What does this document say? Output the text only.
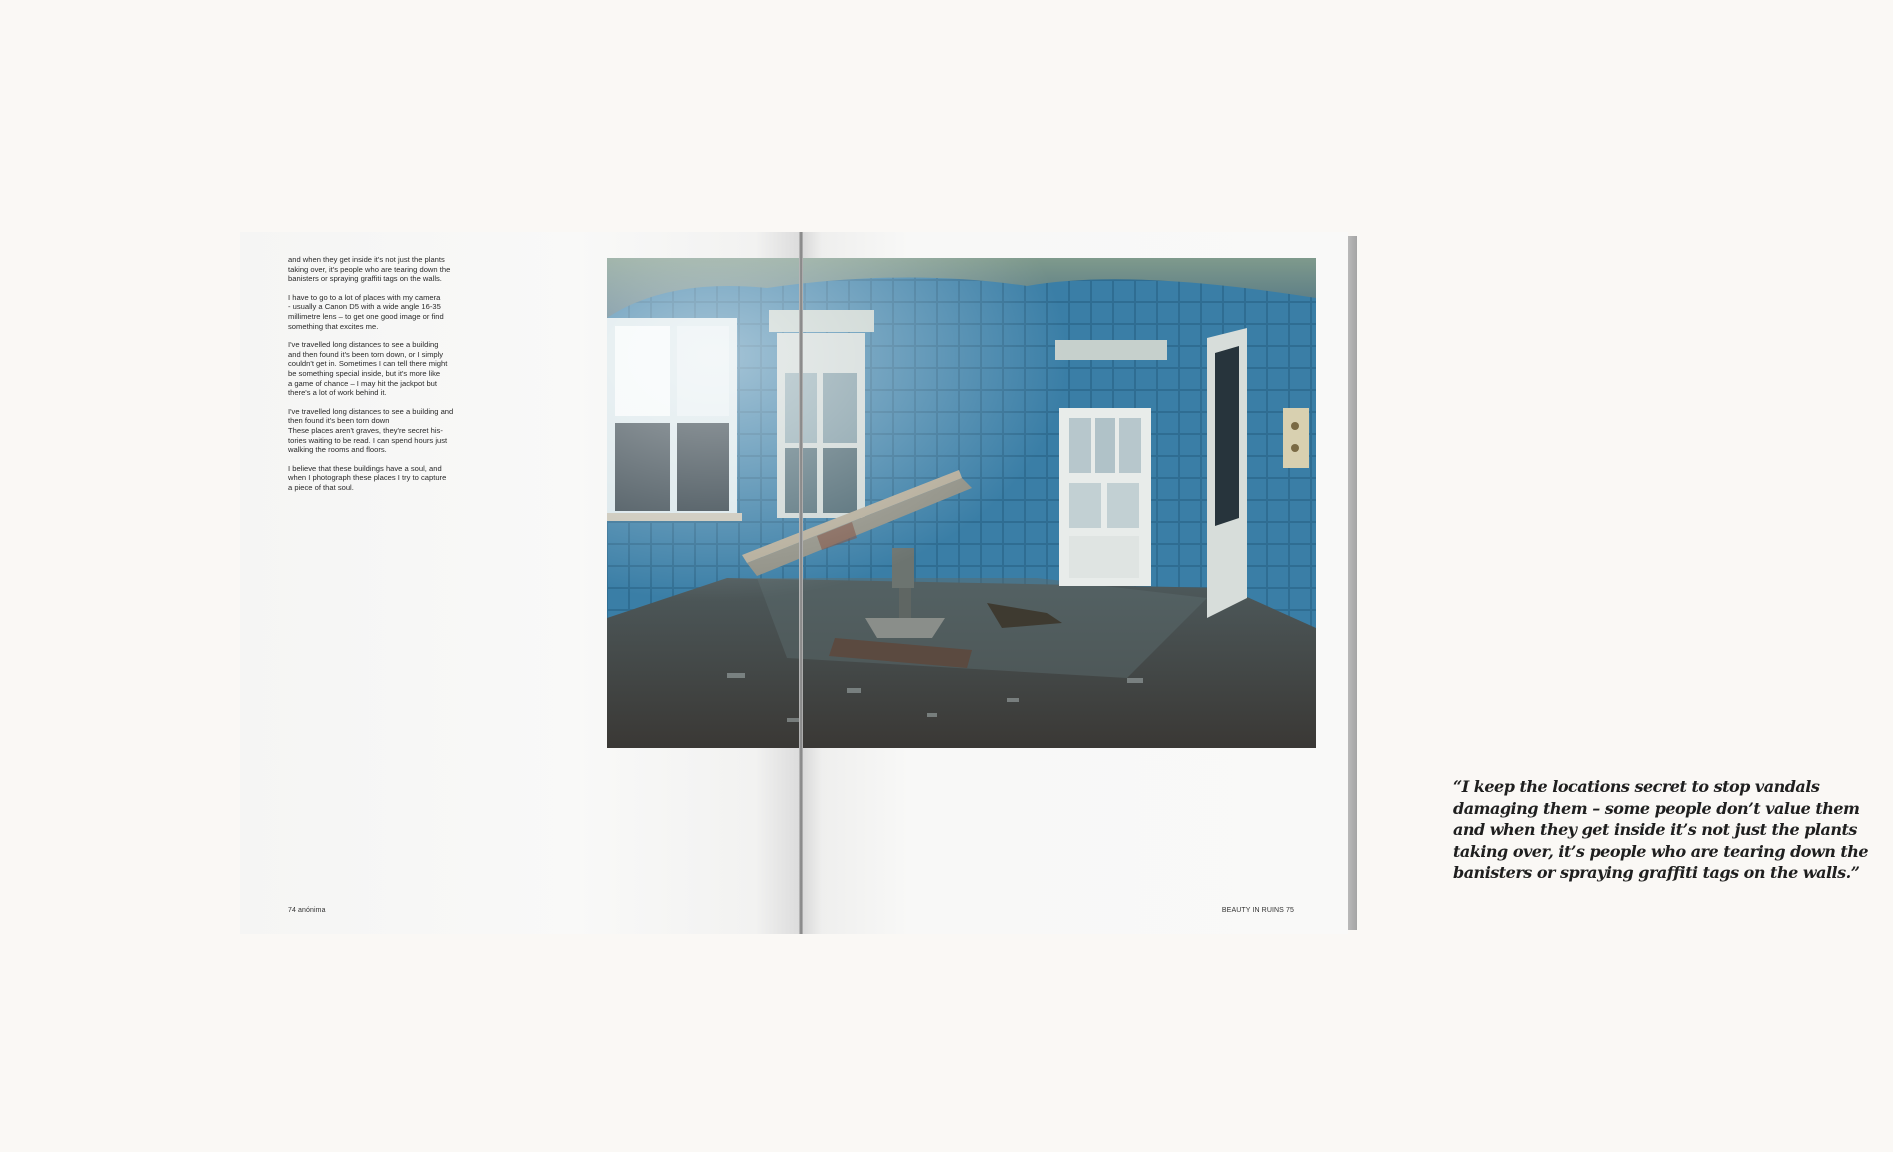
and when they get inside it's not just the plants
taking over, it's people who are tearing down the
banisters or spraying graffiti tags on the walls.

I have to go to a lot of places with my camera
- usually a Canon D5 with a wide angle 16-35
millimetre lens – to get one good image or find
something that excites me.

I've travelled long distances to see a building
and then found it's been torn down, or I simply
couldn't get in. Sometimes I can tell there might
be something special inside, but it's more like
a game of chance – I may hit the jackpot but
there's a lot of work behind it.

I've travelled long distances to see a building and
then found it's been torn down
These places aren't graves, they're secret his-
tories waiting to be read. I can spend hours just
walking the rooms and floors.

I believe that these buildings have a soul, and
when I photograph these places I try to capture
a piece of that soul.

74 anónima

“I keep the locations secret to stop vandals damaging them – some people don’t value them and when they get inside it’s not just the plants taking over, it’s people who are tearing down the banisters or spraying graffiti tags on the walls.”

BEAUTY IN RUINS 75
